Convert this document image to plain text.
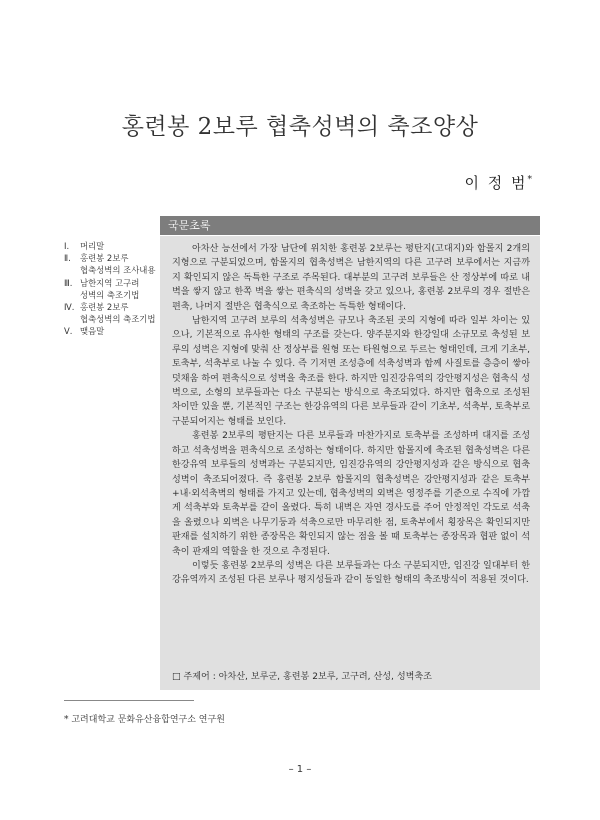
홍련봉 2보루 협축성벽의 축조양상
이 정 범*
Ⅰ. 머리말
Ⅱ. 홍련봉 2보루
협축성벽의 조사내용
Ⅲ. 남한지역 고구려
성벽의 축조기법
Ⅳ. 홍련봉 2보루
협축성벽의 축조기법
Ⅴ. 맺음말
국문초록

아차산 능선에서 가장 남단에 위치한 홍련봉 2보루는 평탄지(고대지)와 함몰지 2개의 지형으로 구분되었으며, 함몰지의 협축성벽은 남한지역의 다른 고구려 보루에서는 지금까지 확인되지 않은 독특한 구조로 주목된다. 대부분의 고구려 보루들은 산 정상부에 따로 내벽을 쌓지 않고 한쪽 벽을 쌓는 편축식의 성벽을 갖고 있으나, 홍련봉 2보루의 경우 절반은 편축, 나머지 절반은 협축식으로 축조하는 독특한 형태이다.

남한지역 고구려 보루의 석축성벽은 규모나 축조된 곳의 지형에 따라 일부 차이는 있으나, 기본적으로 유사한 형태의 구조를 갖는다. 양주분지와 한강일대 소규모로 축성된 보루의 성벽은 지형에 맞춰 산 정상부를 원형 또는 타원형으로 두르는 형태인데, 크게 기초부, 토축부, 석축부로 나눌 수 있다. 즉 기저면 조성층에 석축성벽과 함께 사질토를 층층이 쌓아 덧채움 하여 편축식으로 성벽을 축조를 한다. 하지만 임진강유역의 강안평지성은 협축식 성벽으로, 소형의 보루들과는 다소 구분되는 방식으로 축조되었다. 하지만 협축으로 조성된 차이만 있을 뿐, 기본적인 구조는 한강유역의 다른 보루들과 같이 기초부, 석축부, 토축부로 구분되어지는 형태를 보인다.

홍련봉 2보루의 평탄지는 다른 보루들과 마찬가지로 토축부를 조성하며 대지를 조성하고 석축성벽을 편축식으로 조성하는 형태이다. 하지만 함몰지에 축조된 협축성벽은 다른 한강유역 보루들의 성벽과는 구분되지만, 임진강유역의 강안평지성과 같은 방식으로 협축성벽이 축조되어졌다. 즉 홍련봉 2보루 함몰지의 협축성벽은 강안평지성과 같은 토축부+내·외석축벽의 형태를 가지고 있는데, 협축성벽의 외벽은 영정주를 기준으로 수직에 가깝게 석축부와 토축부를 같이 올렸다. 특히 내벽은 자연 경사도를 주어 안정적인 각도로 석축을 올렸으나 외벽은 나무기둥과 석축으로만 마무리한 점, 토축부에서 횡장목은 확인되지만 판재를 설치하기 위한 종장목은 확인되지 않는 점을 볼 때 토축부는 종장목과 협판 없이 석축이 판재의 역할을 한 것으로 추정된다.

이렇듯 홍련봉 2보루의 성벽은 다른 보루들과는 다소 구분되지만, 임진강 일대부터 한강유역까지 조성된 다른 보루나 평지성들과 같이 동일한 형태의 축조방식이 적용된 것이다.

□ 주제어 : 아차산, 보루군, 홍련봉 2보루, 고구려, 산성, 성벽축조
* 고려대학교 문화유산융합연구소 연구원
– 1 –
